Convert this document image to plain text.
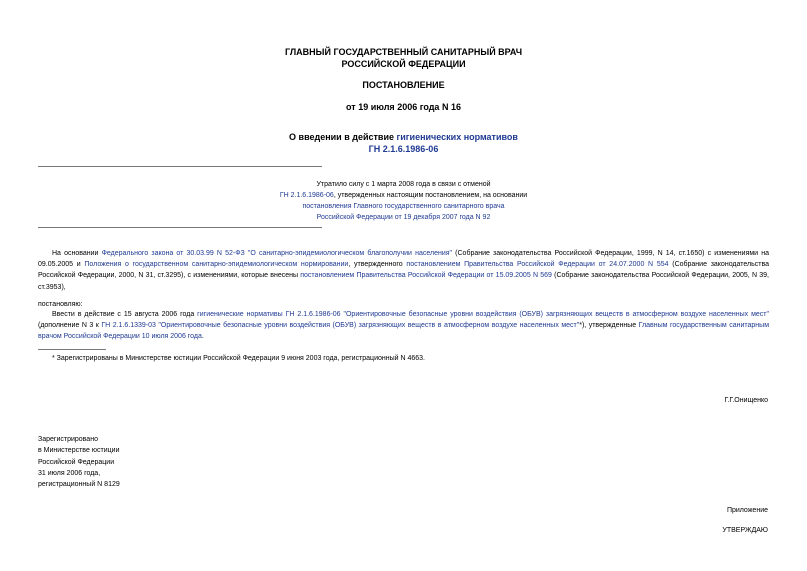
ГЛАВНЫЙ ГОСУДАРСТВЕННЫЙ САНИТАРНЫЙ ВРАЧ
РОССИЙСКОЙ ФЕДЕРАЦИИ
ПОСТАНОВЛЕНИЕ
от 19 июля 2006 года N 16
О введении в действие гигиенических нормативов
ГН 2.1.6.1986-06
Утратило силу с 1 марта 2008 года в связи с отменой
ГН 2.1.6.1986-06, утвержденных настоящим постановлением, на основании
постановления Главного государственного санитарного врача
Российской Федерации от 19 декабря 2007 года N 92
На основании Федерального закона от 30.03.99 N 52-ФЗ "О санитарно-эпидемиологическом благополучии населения" (Собрание законодательства Российской Федерации, 1999, N 14, ст.1650) с изменениями на 09.05.2005 и Положения о государственном санитарно-эпидемиологическом нормировании, утвержденного постановлением Правительства Российской Федерации от 24.07.2000 N 554 (Собрание законодательства Российской Федерации, 2000, N 31, ст.3295), с изменениями, которые внесены постановлением Правительства Российской Федерации от 15.09.2005 N 569 (Собрание законодательства Российской Федерации, 2005, N 39, ст.3953),
постановляю:
Ввести в действие с 15 августа 2006 года гигиенические нормативы ГН 2.1.6.1986-06 "Ориентировочные безопасные уровни воздействия (ОБУВ) загрязняющих веществ в атмосферном воздухе населенных мест" (дополнение N 3 к ГН 2.1.6.1339-03 "Ориентировочные безопасные уровни воздействия (ОБУВ) загрязняющих веществ в атмосферном воздухе населенных мест"*), утвержденные Главным государственным санитарным врачом Российской Федерации 10 июля 2006 года.
* Зарегистрированы в Министерстве юстиции Российской Федерации 9 июня 2003 года, регистрационный N 4663.
Г.Г.Онищенко
Зарегистрировано
в Министерстве юстиции
Российской Федерации
31 июля 2006 года,
регистрационный N 8129
Приложение
УТВЕРЖДАЮ
